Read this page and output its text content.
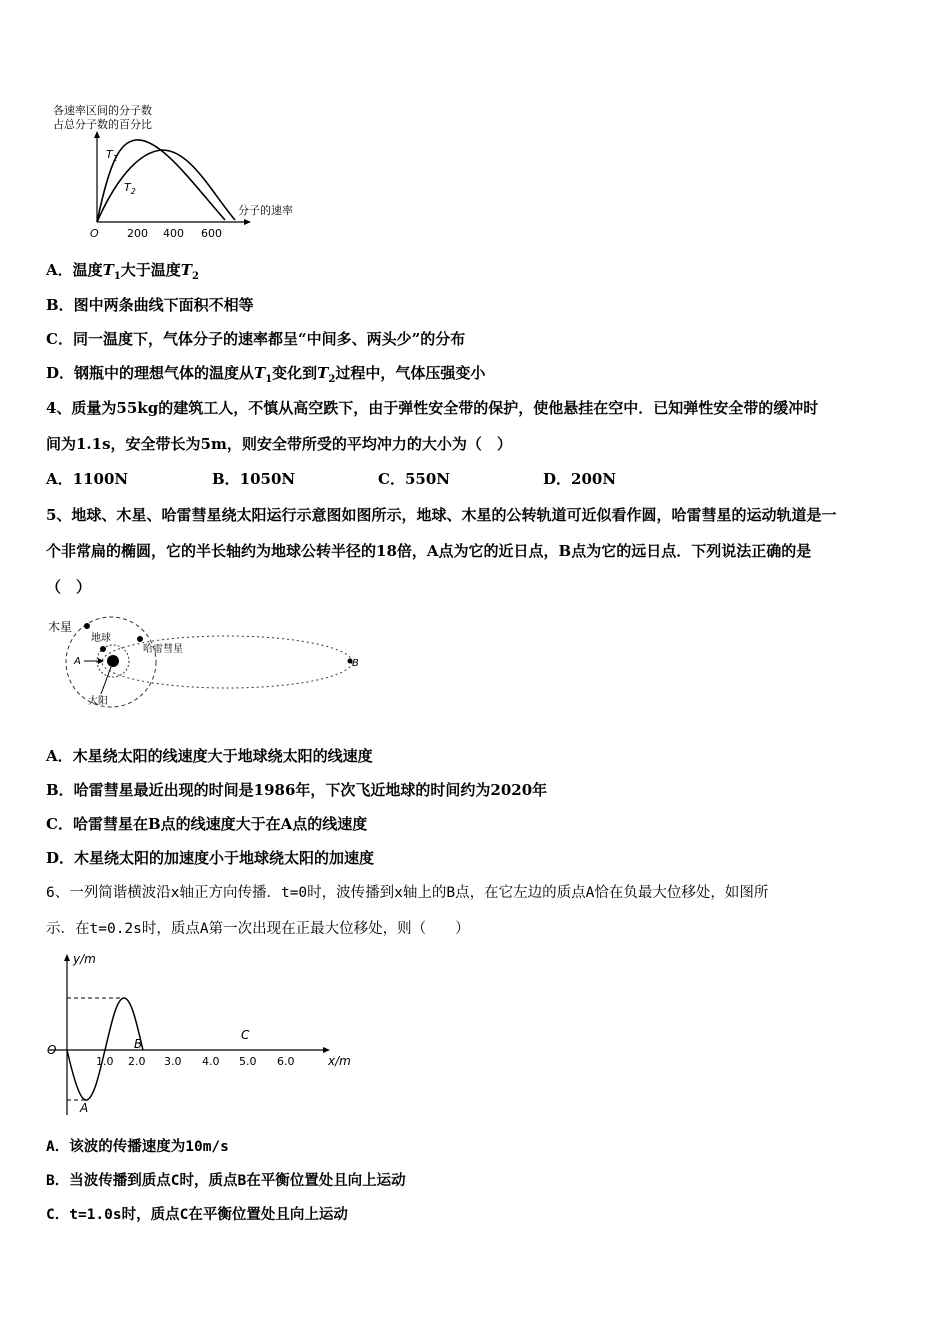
各速率区间的分子数
占总分子数的百分比
$T_1$
$T_2$
分子的速率
O	200 400 600
A．温度$T_1$大于温度$T_2$
B．图中两条曲线下面积不相等
C．同一温度下，气体分子的速率都呈“中间多、两头少”的分布
D．钢瓶中的理想气体的温度从$T_1$变化到$T_2$过程中，气体压强变小
4、质量为55kg的建筑工人，不慎从高空跌下，由于弹性安全带的保护，使他悬挂在空中．已知弹性安全带的缓冲时
间为1.1s，安全带长为5m，则安全带所受的平均冲力的大小为（　）
A．1100N	B．1050N	C．550N	D．200N
5、地球、木星、哈雷彗星绕太阳运行示意图如图所示，地球、木星的公转轨道可近似看作圆，哈雷彗星的运动轨道是一
个非常扁的椭圆，它的半长轴约为地球公转半径的18倍，A点为它的近日点，B点为它的远日点．下列说法正确的是
（　）
木星
地球
哈雷彗星
太阳
A	B
A．木星绕太阳的线速度大于地球绕太阳的线速度
B．哈雷彗星最近出现的时间是1986年，下次飞近地球的时间约为2020年
C．哈雷彗星在B点的线速度大于在A点的线速度
D．木星绕太阳的加速度小于地球绕太阳的加速度
6、一列简谐横波沿x轴正方向传播．t=0时，波传播到x轴上的B点，在它左边的质点A恰在负最大位移处，如图所
示．在t=0.2s时，质点A第一次出现在正最大位移处，则（　　）
y/m
x/m
O
1.0 2.0 3.0 4.0 5.0 6.0
A
B
C
A．该波的传播速度为10m/s
B．当波传播到质点C时，质点B在平衡位置处且向上运动
C．t=1.0s时，质点C在平衡位置处且向上运动
